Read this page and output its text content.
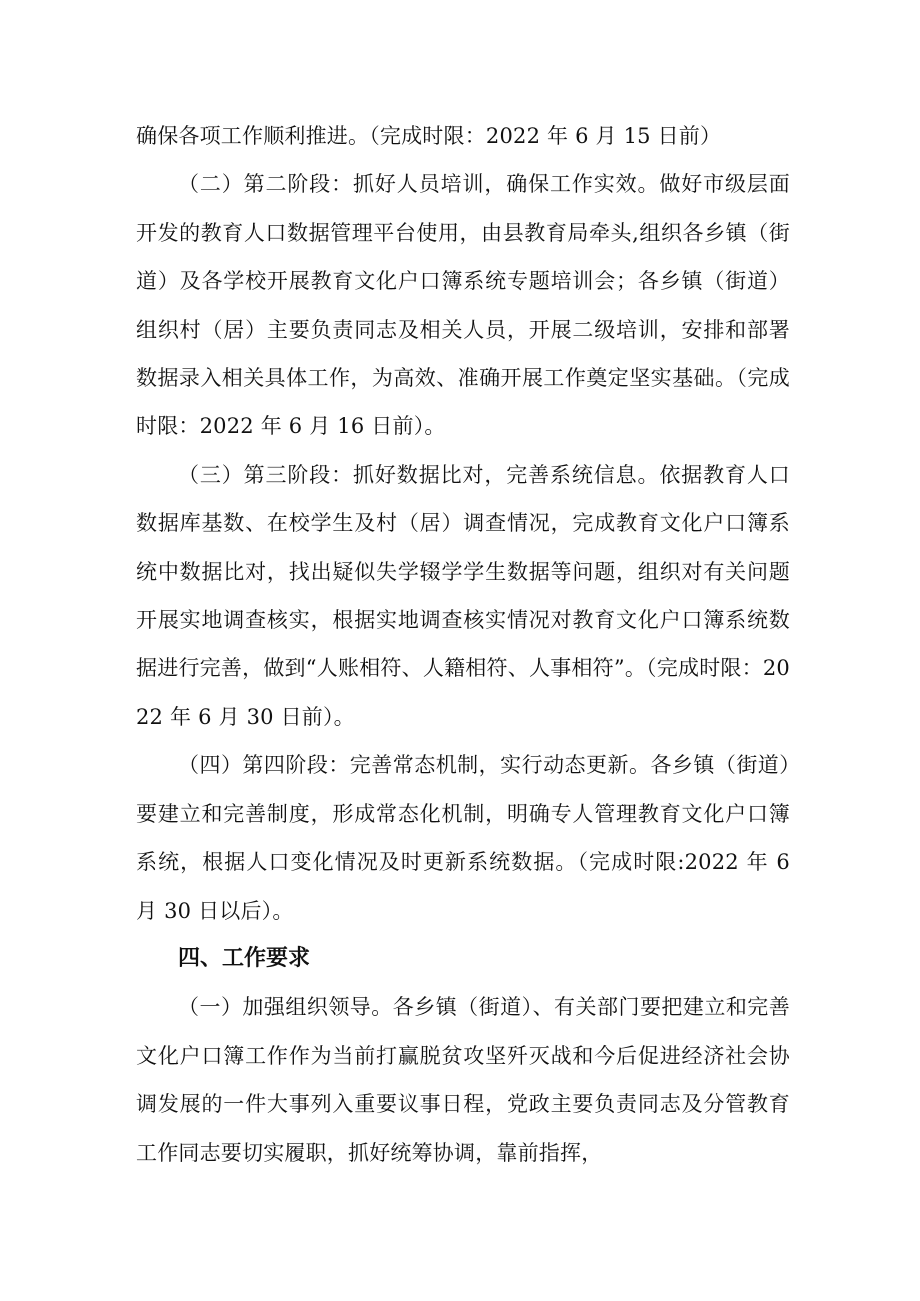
确保各项工作顺利推进。（完成时限：2022 年 6 月 15 日前）

（二）第二阶段：抓好人员培训，确保工作实效。做好市级层面开发的教育人口数据管理平台使用，由县教育局牵头,组织各乡镇（街道）及各学校开展教育文化户口簿系统专题培训会；各乡镇（街道）组织村（居）主要负责同志及相关人员，开展二级培训，安排和部署数据录入相关具体工作，为高效、准确开展工作奠定坚实基础。（完成时限：2022 年 6 月 16 日前）。

（三）第三阶段：抓好数据比对，完善系统信息。依据教育人口数据库基数、在校学生及村（居）调查情况，完成教育文化户口簿系统中数据比对，找出疑似失学辍学学生数据等问题，组织对有关问题开展实地调查核实，根据实地调查核实情况对教育文化户口簿系统数据进行完善，做到“人账相符、人籍相符、人事相符”。（完成时限：2022 年 6 月 30 日前）。

（四）第四阶段：完善常态机制，实行动态更新。各乡镇（街道）要建立和完善制度，形成常态化机制，明确专人管理教育文化户口簿系统，根据人口变化情况及时更新系统数据。（完成时限:2022 年 6 月 30 日以后）。

四、工作要求

（一）加强组织领导。各乡镇（街道）、有关部门要把建立和完善文化户口簿工作作为当前打赢脱贫攻坚歼灭战和今后促进经济社会协调发展的一件大事列入重要议事日程，党政主要负责同志及分管教育工作同志要切实履职，抓好统筹协调，靠前指挥，
